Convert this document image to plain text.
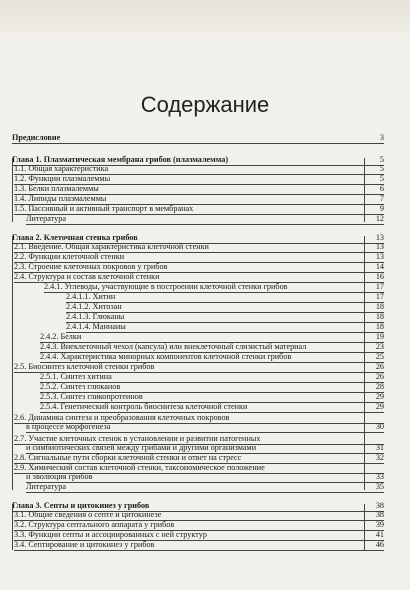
Содержание
Предисловие	3
Глава 1. Плазматическая мембрана грибов (плазмалемма)	5
1.1. Общая характеристика	5
1.2. Функции плазмалеммы	5
1.3. Белки плазмалеммы	6
1.4. Липиды плазмалеммы	7
1.5. Пассивный и активный транспорт в мембранах	9
Литература	12
Глава 2. Клеточная стенка грибов	13
2.1. Введение. Общая характеристика клеточной стенки	13
2.2. Функции клеточной стенки	13
2.3. Строение клеточных покровов у грибов	14
2.4. Структура и состав клеточной стенки	16
2.4.1. Углеводы, участвующие в построении клеточной стенки грибов	17
2.4.1.1. Хитин	17
2.4.1.2. Хитозан	18
2.4.1.3. Глюканы	18
2.4.1.4. Маннаны	18
2.4.2. Белки	19
2.4.3. Внеклеточный чехол (капсула) или внеклеточный слизистый материал	23
2.4.4. Характеристика минорных компонентов клеточной стенки грибов	25
2.5. Биосинтез клеточной стенки грибов	26
2.5.1. Синтез хитина	26
2.5.2. Синтез глюканов	28
2.5.3. Синтез гликопротеинов	29
2.5.4. Генетический контроль биосинтеза клеточной стенки	29
2.6. Динамика синтеза и преобразования клеточных покровов
в процессе морфогенеза	30
2.7. Участие клеточных стенок в установлении и развитии патогенных
и симбиотических связей между грибами и другими организмами	31
2.8. Сигнальные пути сборки клеточной стенки и ответ на стресс	32
2.9. Химический состав клеточной стенки, таксономическое положение
и эволюция грибов	33
Литература	35
Глава 3. Септы и цитокинез у грибов	38
3.1. Общие сведения о септе и цитокинезе	38
3.2. Структура септального аппарата у грибов	39
3.3. Функции септы и ассоциированных с ней структур	41
3.4. Септирование и цитокинез у грибов	46
